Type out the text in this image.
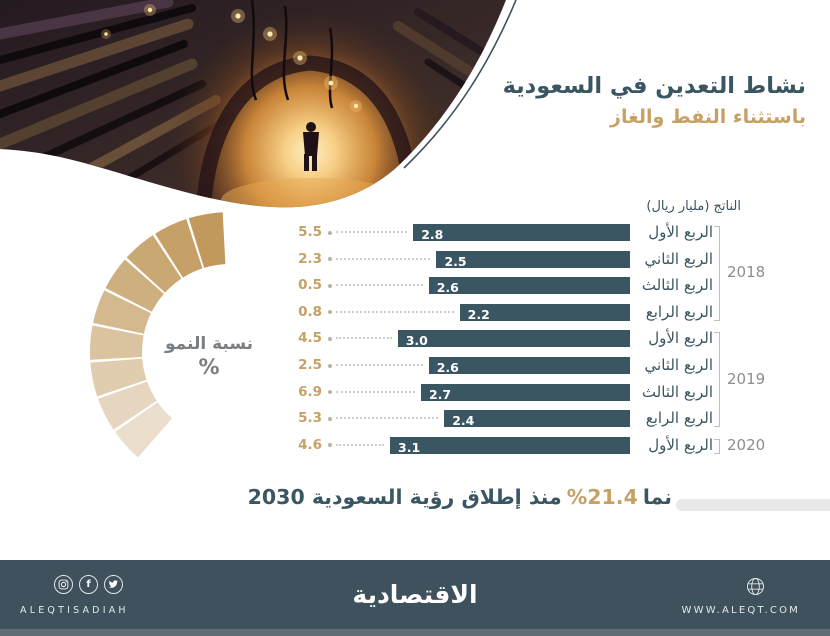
نشاط التعدين في السعودية
باستثناء النفط والغاز
الناتج (مليار ريال)
الربع الأول
2.8
5.5
الربع الثاني
2.5
2.3
الربع الثالث
2.6
0.5
الربع الرابع
2.2
0.8
2018
الربع الأول
3.0
4.5
الربع الثاني
2.6
2.5
الربع الثالث
2.7
6.9
الربع الرابع
2.4
5.3
2019
الربع الأول
3.1
4.6	2020
نسبة النمو
%
نما%21.4منذ إطلاق رؤية السعودية 2030
f
ALEQTISADIAH
الاقتصادية
WWW.ALEQT.COM
